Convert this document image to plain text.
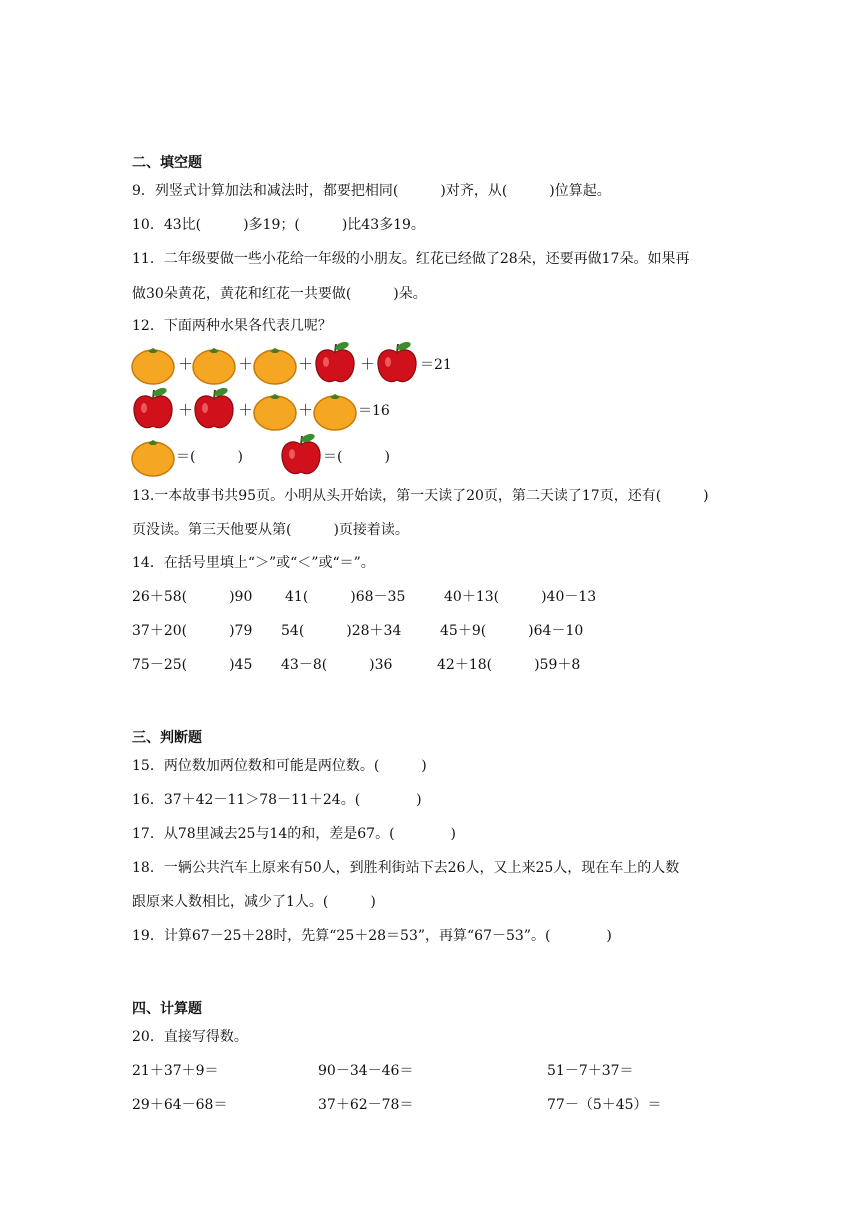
二、填空题
9．列竖式计算加法和减法时，都要把相同(　　　)对齐，从(　　　)位算起。
10．43比(　　　)多19；(　　　)比43多19。
11．二年级要做一些小花给一年级的小朋友。红花已经做了28朵，还要再做17朵。如果再
做30朵黄花，黄花和红花一共要做(　　　)朵。
12．下面两种水果各代表几呢？
＋	＋	＋	＋	＝21
＋	＋	＋	＝16
＝(　　　)	＝(　　　)
13.一本故事书共95页。小明从头开始读，第一天读了20页，第二天读了17页，还有(　　　)
页没读。第三天他要从第(　　　)页接着读。
14．在括号里填上“＞”或“＜”或“＝”。
26＋58(　　　)90 41(　　　)68－35	40＋13(　　　)40－13
37＋20(　　　)79 54(　　　)28＋34	45＋9(　　　)64－10
75－25(　　　)45 43－8(　　　)36	42＋18(　　　)59＋8
三、判断题
15．两位数加两位数和可能是两位数。(　　　)
16．37＋42－11＞78－11＋24。(　　　　)
17．从78里减去25与14的和，差是67。(　　　　)
18．一辆公共汽车上原来有50人，到胜利街站下去26人，又上来25人，现在车上的人数
跟原来人数相比，减少了1人。(　　　)
19．计算67－25＋28时，先算“25＋28＝53”，再算“67－53”。(　　　　)
四、计算题
20．直接写得数。
21＋37＋9＝	90－34－46＝	51－7＋37＝
29＋64－68＝	37＋62－78＝	77－（5＋45）＝
